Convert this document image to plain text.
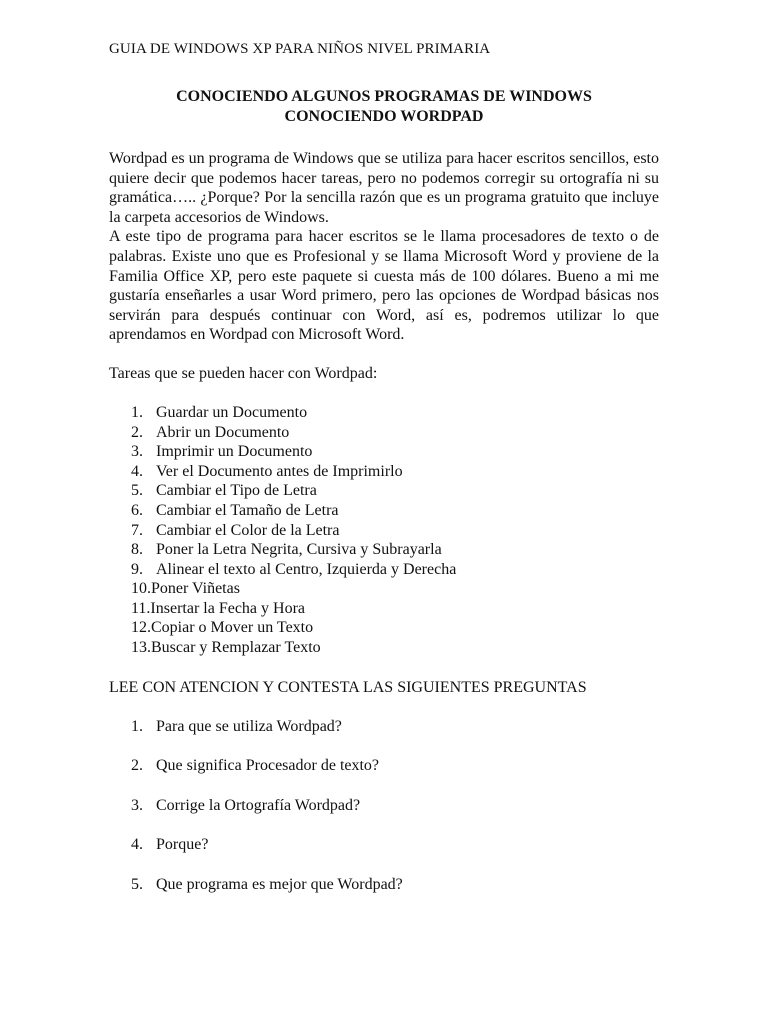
GUIA DE WINDOWS XP PARA NIÑOS NIVEL PRIMARIA

CONOCIENDO ALGUNOS PROGRAMAS DE WINDOWS
CONOCIENDO WORDPAD

Wordpad es un programa de Windows que se utiliza para hacer escritos sencillos, esto quiere decir que podemos hacer tareas, pero no podemos corregir su ortografía ni su gramática….. ¿Porque? Por la sencilla razón que es un programa gratuito que incluye la carpeta accesorios de Windows.

A este tipo de programa para hacer escritos se le llama procesadores de texto o de palabras. Existe uno que es Profesional y se llama Microsoft Word y proviene de la Familia Office XP, pero este paquete si cuesta más de 100 dólares. Bueno a mi me gustaría enseñarles a usar Word primero, pero las opciones de Wordpad básicas nos servirán para después continuar con Word, así es, podremos utilizar lo que aprendamos en Wordpad con Microsoft Word.

Tareas que se pueden hacer con Wordpad:
1. Guardar un Documento
2. Abrir un Documento
3. Imprimir un Documento
4. Ver el Documento antes de Imprimirlo
5. Cambiar el Tipo de Letra
6. Cambiar el Tamaño de Letra
7. Cambiar el Color de la Letra
8. Poner la Letra Negrita, Cursiva y Subrayarla
9. Alinear el texto al Centro, Izquierda y Derecha
10. Poner Viñetas
11. Insertar la Fecha y Hora
12. Copiar o Mover un Texto
13. Buscar y Remplazar Texto
LEE CON ATENCION Y CONTESTA LAS SIGUIENTES PREGUNTAS
1. Para que se utiliza Wordpad?
2. Que significa Procesador de texto?
3. Corrige la Ortografía Wordpad?
4. Porque?
5. Que programa es mejor que Wordpad?
